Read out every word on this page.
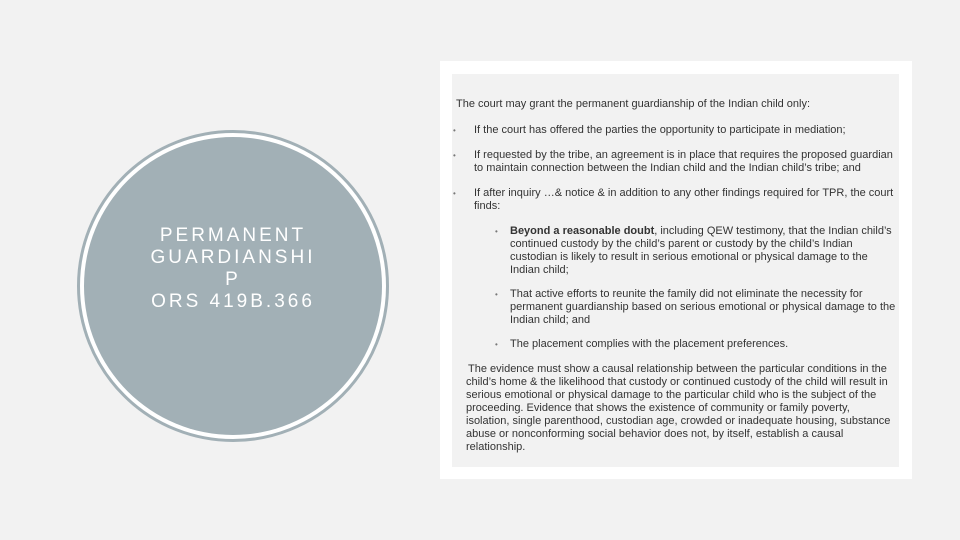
PERMANENT
GUARDIANSHI
P
ORS 419B.366

The court may grant the permanent guardianship of the Indian child only:

• If the court has offered the parties the opportunity to participate in mediation;
• If requested by the tribe, an agreement is in place that requires the proposed guardian to maintain connection between the Indian child and the Indian child’s tribe; and
• If after inquiry …& notice & in addition to any other findings required for TPR, the court finds:
• Beyond a reasonable doubt, including QEW testimony, that the Indian child’s continued custody by the child’s parent or custody by the child’s Indian custodian is likely to result in serious emotional or physical damage to the Indian child;
• That active efforts to reunite the family did not eliminate the necessity for permanent guardianship based on serious emotional or physical damage to the Indian child; and
• The placement complies with the placement preferences.

The evidence must show a causal relationship between the particular conditions in the child’s home & the likelihood that custody or continued custody of the child will result in serious emotional or physical damage to the particular child who is the subject of the proceeding. Evidence that shows the existence of community or family poverty, isolation, single parenthood, custodian age, crowded or inadequate housing, substance abuse or nonconforming social behavior does not, by itself, establish a causal relationship.
